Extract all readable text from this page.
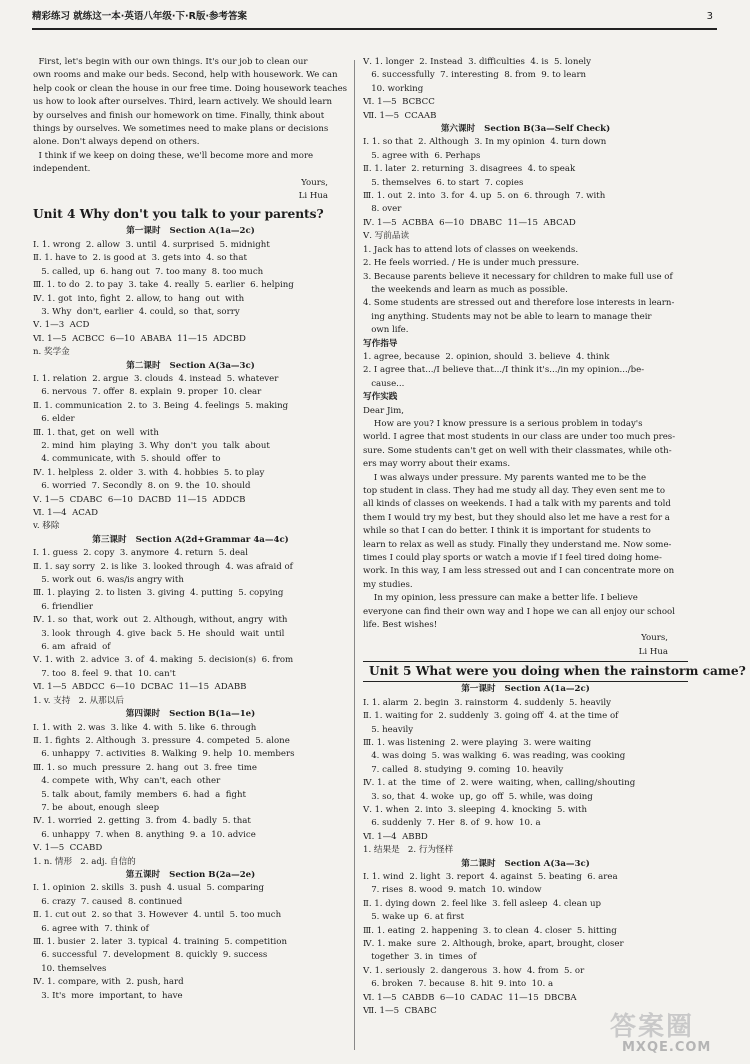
精彩练习 就练这一本·英语八年级·下·R版·参考答案	3
First, let's begin with our own things. It's our job to clean our
own rooms and make our beds. Second, help with housework. We can
help cook or clean the house in our free time. Doing housework teaches
us how to look after ourselves. Third, learn actively. We should learn
by ourselves and finish our homework on time. Finally, think about
things by ourselves. We sometimes need to make plans or decisions
alone. Don't always depend on others.
I think if we keep on doing these, we'll become more and more
independent.
Yours,
Li Hua
Unit 4 Why don't you talk to your parents?
第一课时   Section A(1a—2c)
Ⅰ. 1. wrong  2. allow  3. until  4. surprised  5. midnight
Ⅱ. 1. have to  2. is good at  3. gets into  4. so that
5. called, up  6. hang out  7. too many  8. too much
Ⅲ. 1. to do  2. to pay  3. take  4. really  5. earlier  6. helping
Ⅳ. 1. got  into, fight  2. allow, to  hang  out  with
3. Why  don't, earlier  4. could, so  that, sorry
Ⅴ. 1—3  ACD
Ⅵ. 1—5  ACBCC  6—10  ABABA  11—15  ADCBD
n. 奖学金
第二课时   Section A(3a—3c)
Ⅰ. 1. relation  2. argue  3. clouds  4. instead  5. whatever
6. nervous  7. offer  8. explain  9. proper  10. clear
Ⅱ. 1. communication  2. to  3. Being  4. feelings  5. making
6. elder
Ⅲ. 1. that, get  on  well  with
2. mind  him  playing  3. Why  don't  you  talk  about
4. communicate, with  5. should  offer  to
Ⅳ. 1. helpless  2. older  3. with  4. hobbies  5. to play
6. worried  7. Secondly  8. on  9. the  10. should
Ⅴ. 1—5  CDABC  6—10  DACBD  11—15  ADDCB
Ⅵ. 1—4  ACAD
v. 移除
第三课时   Section A(2d+Grammar 4a—4c)
Ⅰ. 1. guess  2. copy  3. anymore  4. return  5. deal
Ⅱ. 1. say sorry  2. is like  3. looked through  4. was afraid of
5. work out  6. was/is angry with
Ⅲ. 1. playing  2. to listen  3. giving  4. putting  5. copying
6. friendlier
Ⅳ. 1. so  that, work  out  2. Although, without, angry  with
3. look  through  4. give  back  5. He  should  wait  until
6. am  afraid  of
Ⅴ. 1. with  2. advice  3. of  4. making  5. decision(s)  6. from
7. too  8. feel  9. that  10. can't
Ⅵ. 1—5  ABDCC  6—10  DCBAC  11—15  ADABB
1. v. 支持   2. 从那以后
第四课时   Section B(1a—1e)
Ⅰ. 1. with  2. was  3. like  4. with  5. like  6. through
Ⅱ. 1. fights  2. Although  3. pressure  4. competed  5. alone
6. unhappy  7. activities  8. Walking  9. help  10. members
Ⅲ. 1. so  much  pressure  2. hang  out  3. free  time
4. compete  with, Why  can't, each  other
5. talk  about, family  members  6. had  a  fight
7. be  about, enough  sleep
Ⅳ. 1. worried  2. getting  3. from  4. badly  5. that
6. unhappy  7. when  8. anything  9. a  10. advice
Ⅴ. 1—5  CCABD
1. n. 情形   2. adj. 自信的
第五课时   Section B(2a—2e)
Ⅰ. 1. opinion  2. skills  3. push  4. usual  5. comparing
6. crazy  7. caused  8. continued
Ⅱ. 1. cut out  2. so that  3. However  4. until  5. too much
6. agree with  7. think of
Ⅲ. 1. busier  2. later  3. typical  4. training  5. competition
6. successful  7. development  8. quickly  9. success
10. themselves
Ⅳ. 1. compare, with  2. push, hard
3. It's  more  important, to  have
Ⅴ. 1. longer  2. Instead  3. difficulties  4. is  5. lonely
6. successfully  7. interesting  8. from  9. to learn
10. working
Ⅵ. 1—5  BCBCC
Ⅶ. 1—5  CCAAB
第六课时   Section B(3a—Self Check)
Ⅰ. 1. so that  2. Although  3. In my opinion  4. turn down
5. agree with  6. Perhaps
Ⅱ. 1. later  2. returning  3. disagrees  4. to speak
5. themselves  6. to start  7. copies
Ⅲ. 1. out  2. into  3. for  4. up  5. on  6. through  7. with
8. over
Ⅳ. 1—5  ACBBA  6—10  DBABC  11—15  ABCAD
Ⅴ. 写前品读
1. Jack has to attend lots of classes on weekends.
2. He feels worried. / He is under much pressure.
3. Because parents believe it necessary for children to make full use of
the weekends and learn as much as possible.
4. Some students are stressed out and therefore lose interests in learn-
ing anything. Students may not be able to learn to manage their
own life.
写作指导
1. agree, because  2. opinion, should  3. believe  4. think
2. I agree that.../I believe that.../I think it's.../in my opinion.../be-
cause...
写作实践
Dear Jim,
How are you? I know pressure is a serious problem in today's
world. I agree that most students in our class are under too much pres-
sure. Some students can't get on well with their classmates, while oth-
ers may worry about their exams.
I was always under pressure. My parents wanted me to be the
top student in class. They had me study all day. They even sent me to
all kinds of classes on weekends. I had a talk with my parents and told
them I would try my best, but they should also let me have a rest for a
while so that I can do better. I think it is important for students to
learn to relax as well as study. Finally they understand me. Now some-
times I could play sports or watch a movie if I feel tired doing home-
work. In this way, I am less stressed out and I can concentrate more on
my studies.
In my opinion, less pressure can make a better life. I believe
everyone can find their own way and I hope we can all enjoy our school
life. Best wishes!
Yours,
Li Hua
Unit 5 What were you doing when the rainstorm came?
第一课时   Section A(1a—2c)
Ⅰ. 1. alarm  2. begin  3. rainstorm  4. suddenly  5. heavily
Ⅱ. 1. waiting for  2. suddenly  3. going off  4. at the time of
5. heavily
Ⅲ. 1. was listening  2. were playing  3. were waiting
4. was doing  5. was walking  6. was reading, was cooking
7. called  8. studying  9. coming  10. heavily
Ⅳ. 1. at  the  time  of  2. were  waiting, when, calling/shouting
3. so, that  4. woke  up, go  off  5. while, was doing
Ⅴ. 1. when  2. into  3. sleeping  4. knocking  5. with
6. suddenly  7. Her  8. of  9. how  10. a
Ⅵ. 1—4  ABBD
1. 结果是   2. 行为怪样
第二课时   Section A(3a—3c)
Ⅰ. 1. wind  2. light  3. report  4. against  5. beating  6. area
7. rises  8. wood  9. match  10. window
Ⅱ. 1. dying down  2. feel like  3. fell asleep  4. clean up
5. wake up  6. at first
Ⅲ. 1. eating  2. happening  3. to clean  4. closer  5. hitting
Ⅳ. 1. make  sure  2. Although, broke, apart, brought, closer
together  3. in  times  of
Ⅴ. 1. seriously  2. dangerous  3. how  4. from  5. or
6. broken  7. because  8. hit  9. into  10. a
Ⅵ. 1—5  CABDB  6—10  CADAC  11—15  DBCBA
Ⅶ. 1—5  CBABC
答案圈
MXQE.COM
